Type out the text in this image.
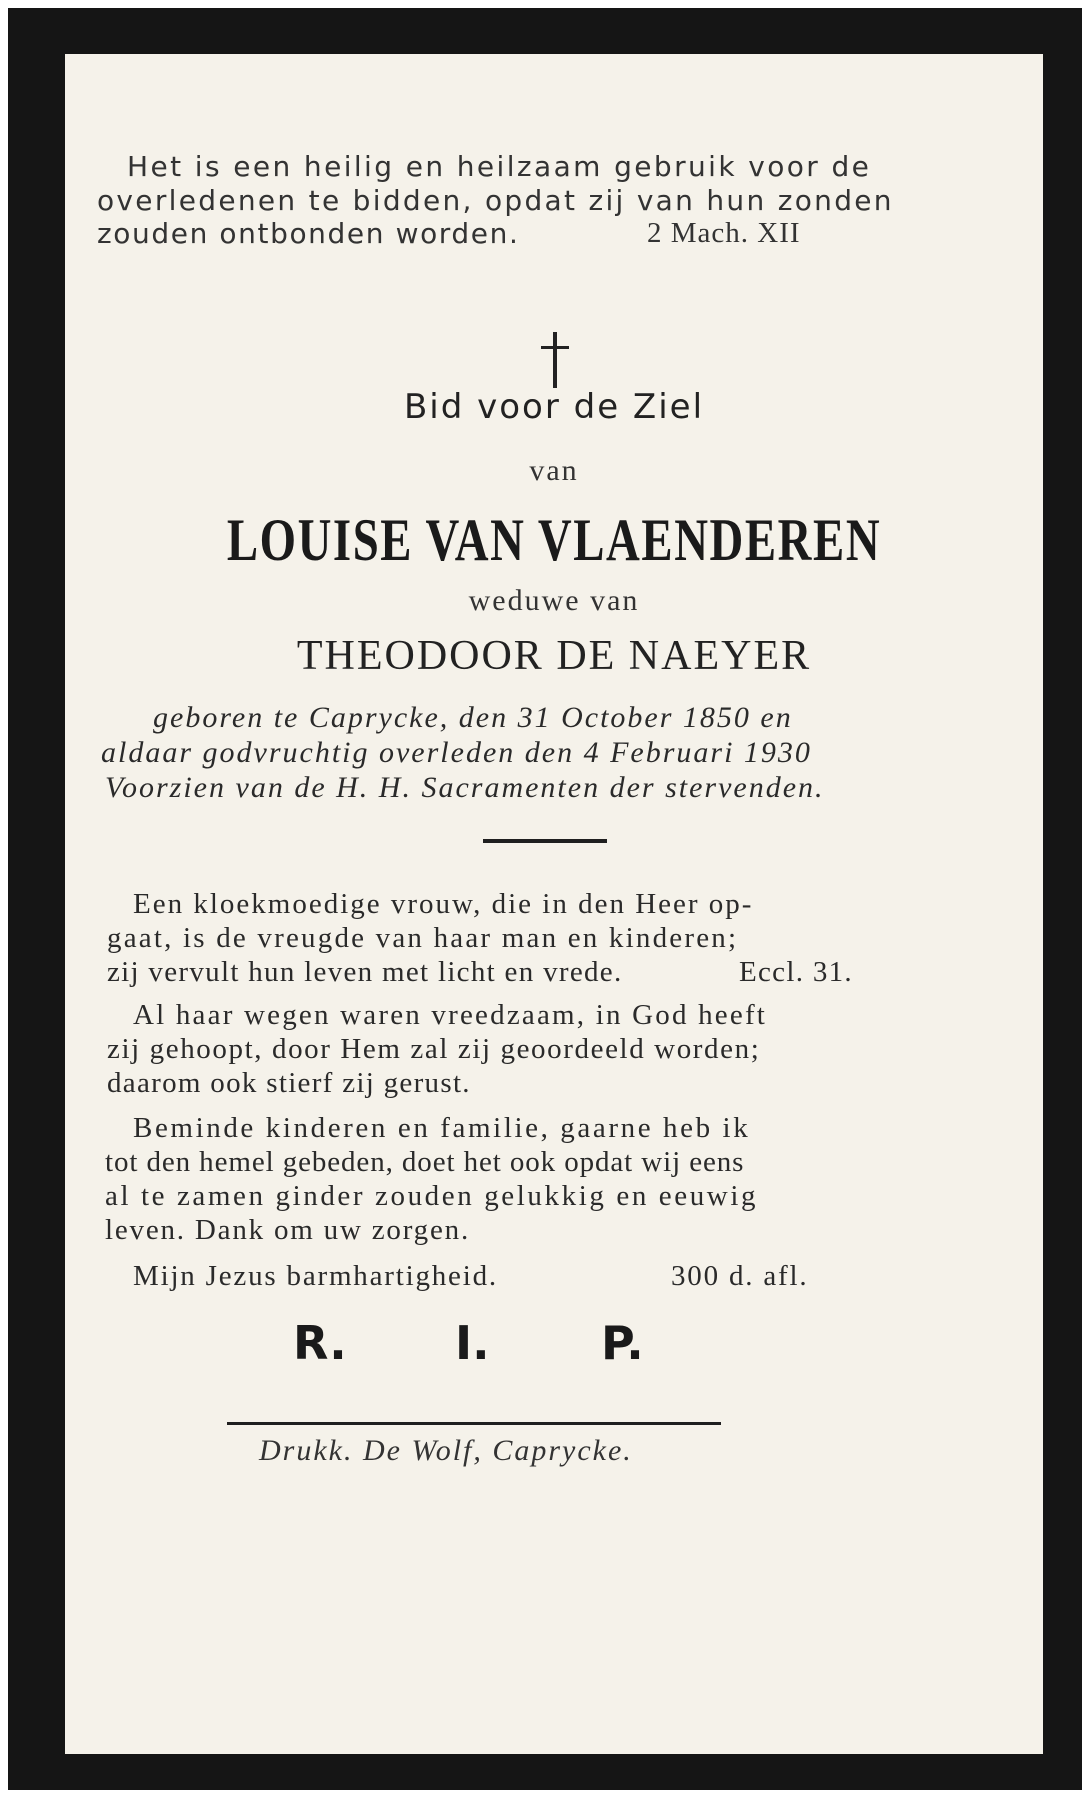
Het is een heilig en heilzaam gebruik voor de

overledenen te bidden, opdat zij van hun zonden

zouden ontbonden worden.	2 Mach. XII

Bid voor de Ziel

van

LOUISE VAN VLAENDEREN

weduwe van

THEODOOR DE NAEYER

geboren te Caprycke, den 31 October 1850 en

aldaar godvruchtig overleden den 4 Februari 1930

Voorzien van de H. H. Sacramenten der stervenden.

Een kloekmoedige vrouw, die in den Heer op-

gaat, is de vreugde van haar man en kinderen;

zij vervult hun leven met licht en vrede.	Eccl. 31.

Al haar wegen waren vreedzaam, in God heeft

zij gehoopt, door Hem zal zij geoordeeld worden;

daarom ook stierf zij gerust.

Beminde kinderen en familie, gaarne heb ik

tot den hemel gebeden, doet het ook opdat wij eens

al te zamen ginder zouden gelukkig en eeuwig

leven. Dank om uw zorgen.

Mijn Jezus barmhartigheid.	300 d. afl.

R. I. P.

Drukk. De Wolf, Caprycke.
